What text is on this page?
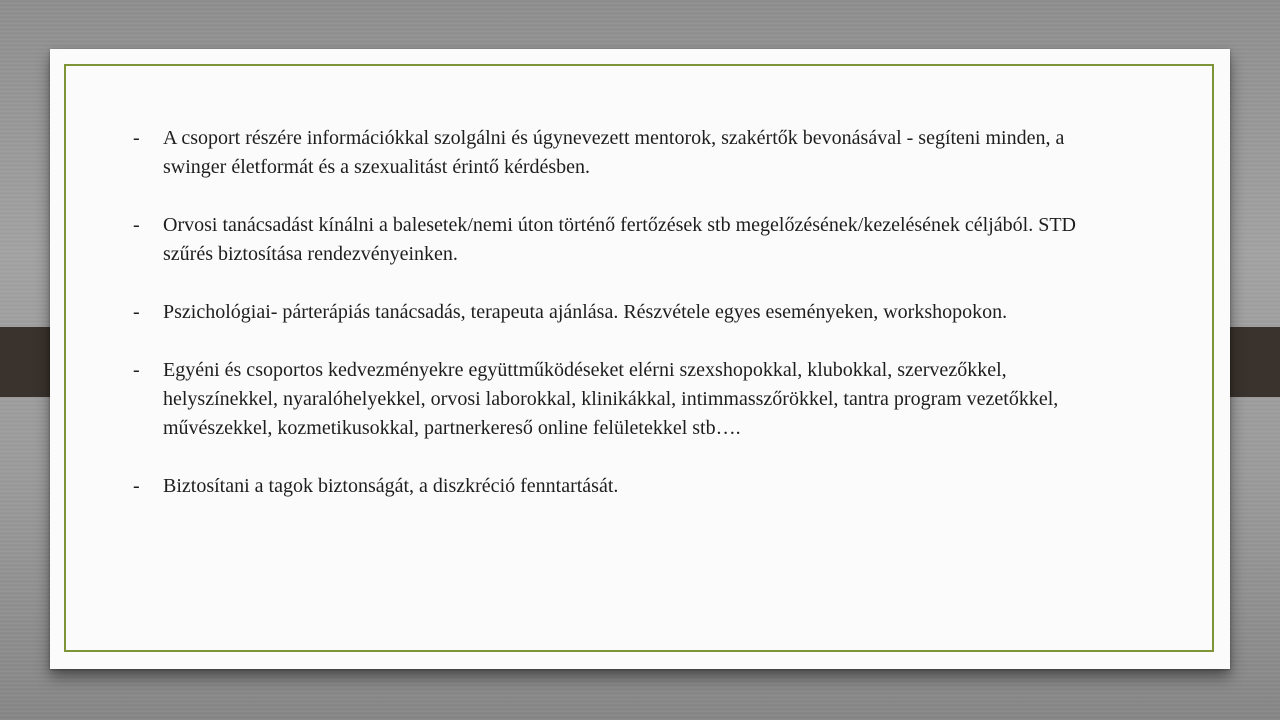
-	A csoport részére információkkal szolgálni és úgynevezett mentorok, szakértők bevonásával - segíteni minden, a swinger életformát és a szexualitást érintő kérdésben.
-	Orvosi tanácsadást kínálni a balesetek/nemi úton történő fertőzések stb megelőzésének/kezelésének céljából. STD szűrés biztosítása rendezvényeinken.
-	Pszichológiai- párterápiás tanácsadás, terapeuta ajánlása. Részvétele egyes eseményeken, workshopokon.
-	Egyéni és csoportos kedvezményekre együttműködéseket elérni szexshopokkal, klubokkal, szervezőkkel, helyszínekkel, nyaralóhelyekkel, orvosi laborokkal, klinikákkal, intimmasszőrökkel, tantra program vezetőkkel, művészekkel, kozmetikusokkal, partnerkereső online felületekkel stb….
-	Biztosítani a tagok biztonságát, a diszkréció fenntartását.
